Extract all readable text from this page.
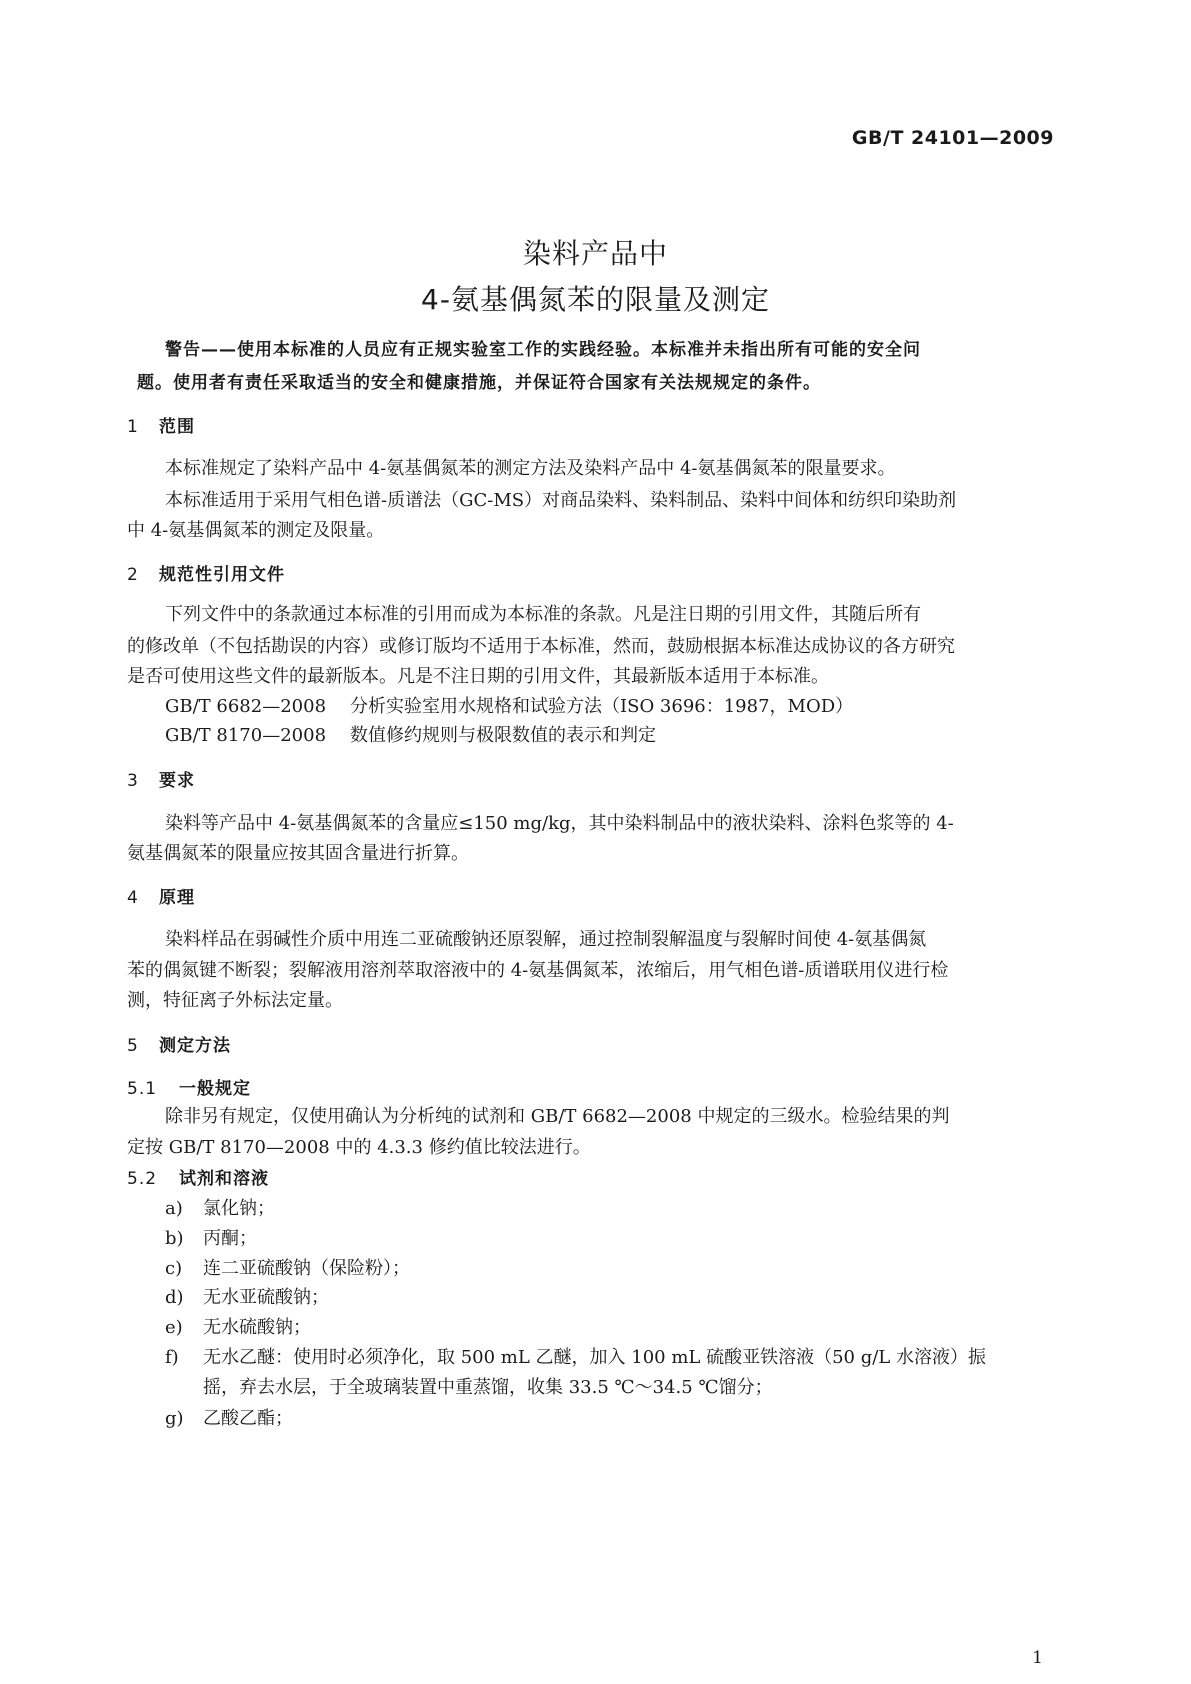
GB/T 24101—2009
染料产品中
4-氨基偶氮苯的限量及测定
警告——使用本标准的人员应有正规实验室工作的实践经验。本标准并未指出所有可能的安全问
题。使用者有责任采取适当的安全和健康措施，并保证符合国家有关法规规定的条件。
1 范围
本标准规定了染料产品中 4-氨基偶氮苯的测定方法及染料产品中 4-氨基偶氮苯的限量要求。
本标准适用于采用气相色谱-质谱法（GC-MS）对商品染料、染料制品、染料中间体和纺织印染助剂
中 4-氨基偶氮苯的测定及限量。
2 规范性引用文件
下列文件中的条款通过本标准的引用而成为本标准的条款。凡是注日期的引用文件，其随后所有
的修改单（不包括勘误的内容）或修订版均不适用于本标准，然而，鼓励根据本标准达成协议的各方研究
是否可使用这些文件的最新版本。凡是不注日期的引用文件，其最新版本适用于本标准。
GB/T 6682—2008 分析实验室用水规格和试验方法（ISO 3696：1987，MOD）
GB/T 8170—2008 数值修约规则与极限数值的表示和判定
3 要求
染料等产品中 4-氨基偶氮苯的含量应≤150 mg/kg，其中染料制品中的液状染料、涂料色浆等的 4-
氨基偶氮苯的限量应按其固含量进行折算。
4 原理
染料样品在弱碱性介质中用连二亚硫酸钠还原裂解，通过控制裂解温度与裂解时间使 4-氨基偶氮
苯的偶氮键不断裂；裂解液用溶剂萃取溶液中的 4-氨基偶氮苯，浓缩后，用气相色谱-质谱联用仪进行检
测，特征离子外标法定量。
5 测定方法
5.1 一般规定
除非另有规定，仅使用确认为分析纯的试剂和 GB/T 6682—2008 中规定的三级水。检验结果的判
定按 GB/T 8170—2008 中的 4.3.3 修约值比较法进行。
5.2 试剂和溶液
a) 氯化钠；
b) 丙酮；
c) 连二亚硫酸钠（保险粉）；
d) 无水亚硫酸钠；
e) 无水硫酸钠；
f) 无水乙醚：使用时必须净化，取 500 mL 乙醚，加入 100 mL 硫酸亚铁溶液（50 g/L 水溶液）振
摇，弃去水层，于全玻璃装置中重蒸馏，收集 33.5 ℃～34.5 ℃馏分；
g) 乙酸乙酯；
1
